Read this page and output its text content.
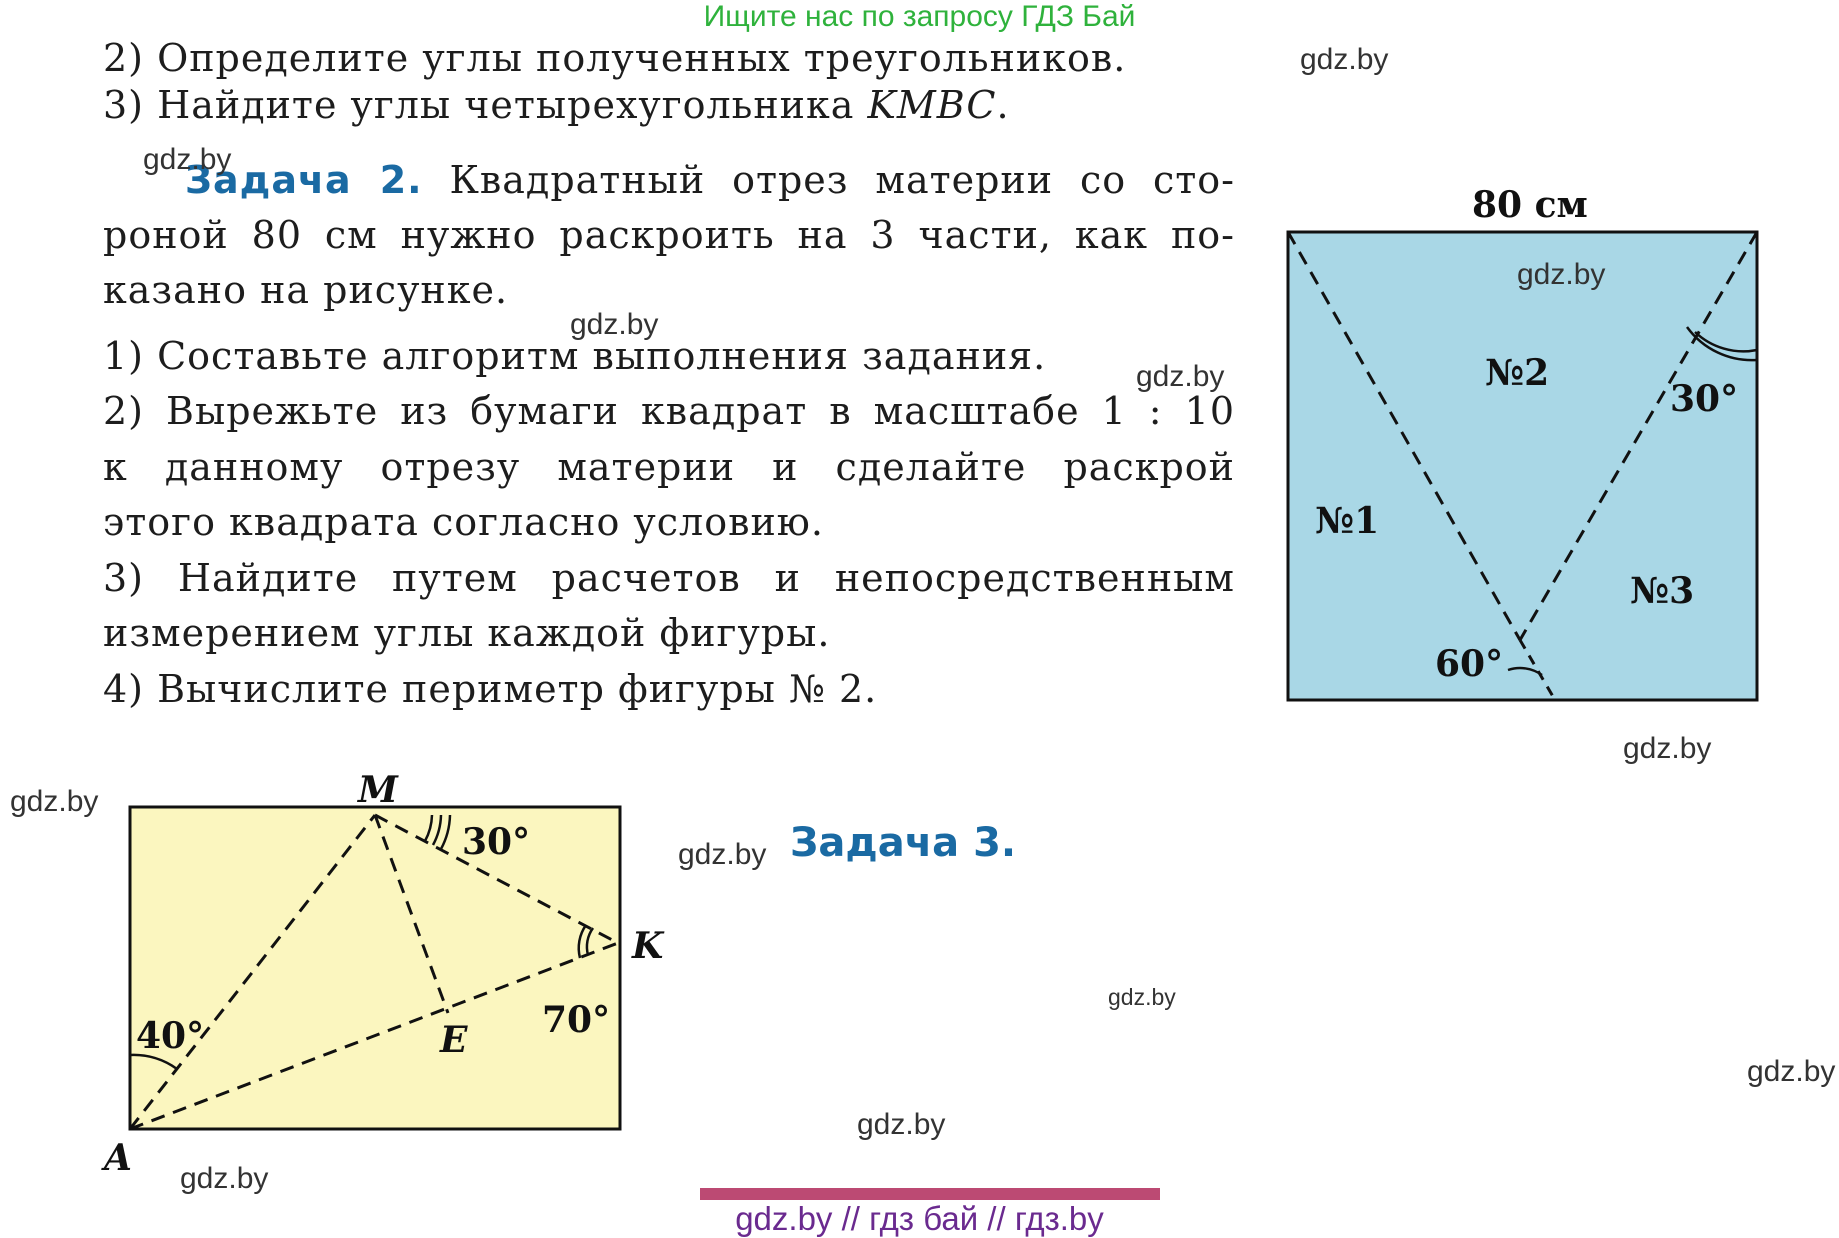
Ищите нас по запросу ГДЗ Бай
2) Определите углы полученных треугольников.
3) Найдите углы четырехугольника KMBC.
Задача 2. Квадратный отрез материи со сто-
роной 80 см нужно раскроить на 3 части, как по-
казано на рисунке.
1) Составьте алгоритм выполнения задания.
2) Вырежьте из бумаги квадрат в масштабе 1 : 10
к данному отрезу материи и сделайте раскрой
этого квадрата согласно условию.
3) Найдите путем расчетов и непосредственным
измерением углы каждой фигуры.
4) Вычислите периметр фигуры № 2.
80 см
№2
№1
№3
30°
60°
M
K
A
E
30°
40°	70°
Задача 3.
gdz.by
gdz.by
gdz.by
gdz.by
gdz.by
gdz.by
gdz.by
gdz.by
gdz.by
gdz.by
gdz.by
gdz.by
gdz.by // гдз бай // гдз.by
